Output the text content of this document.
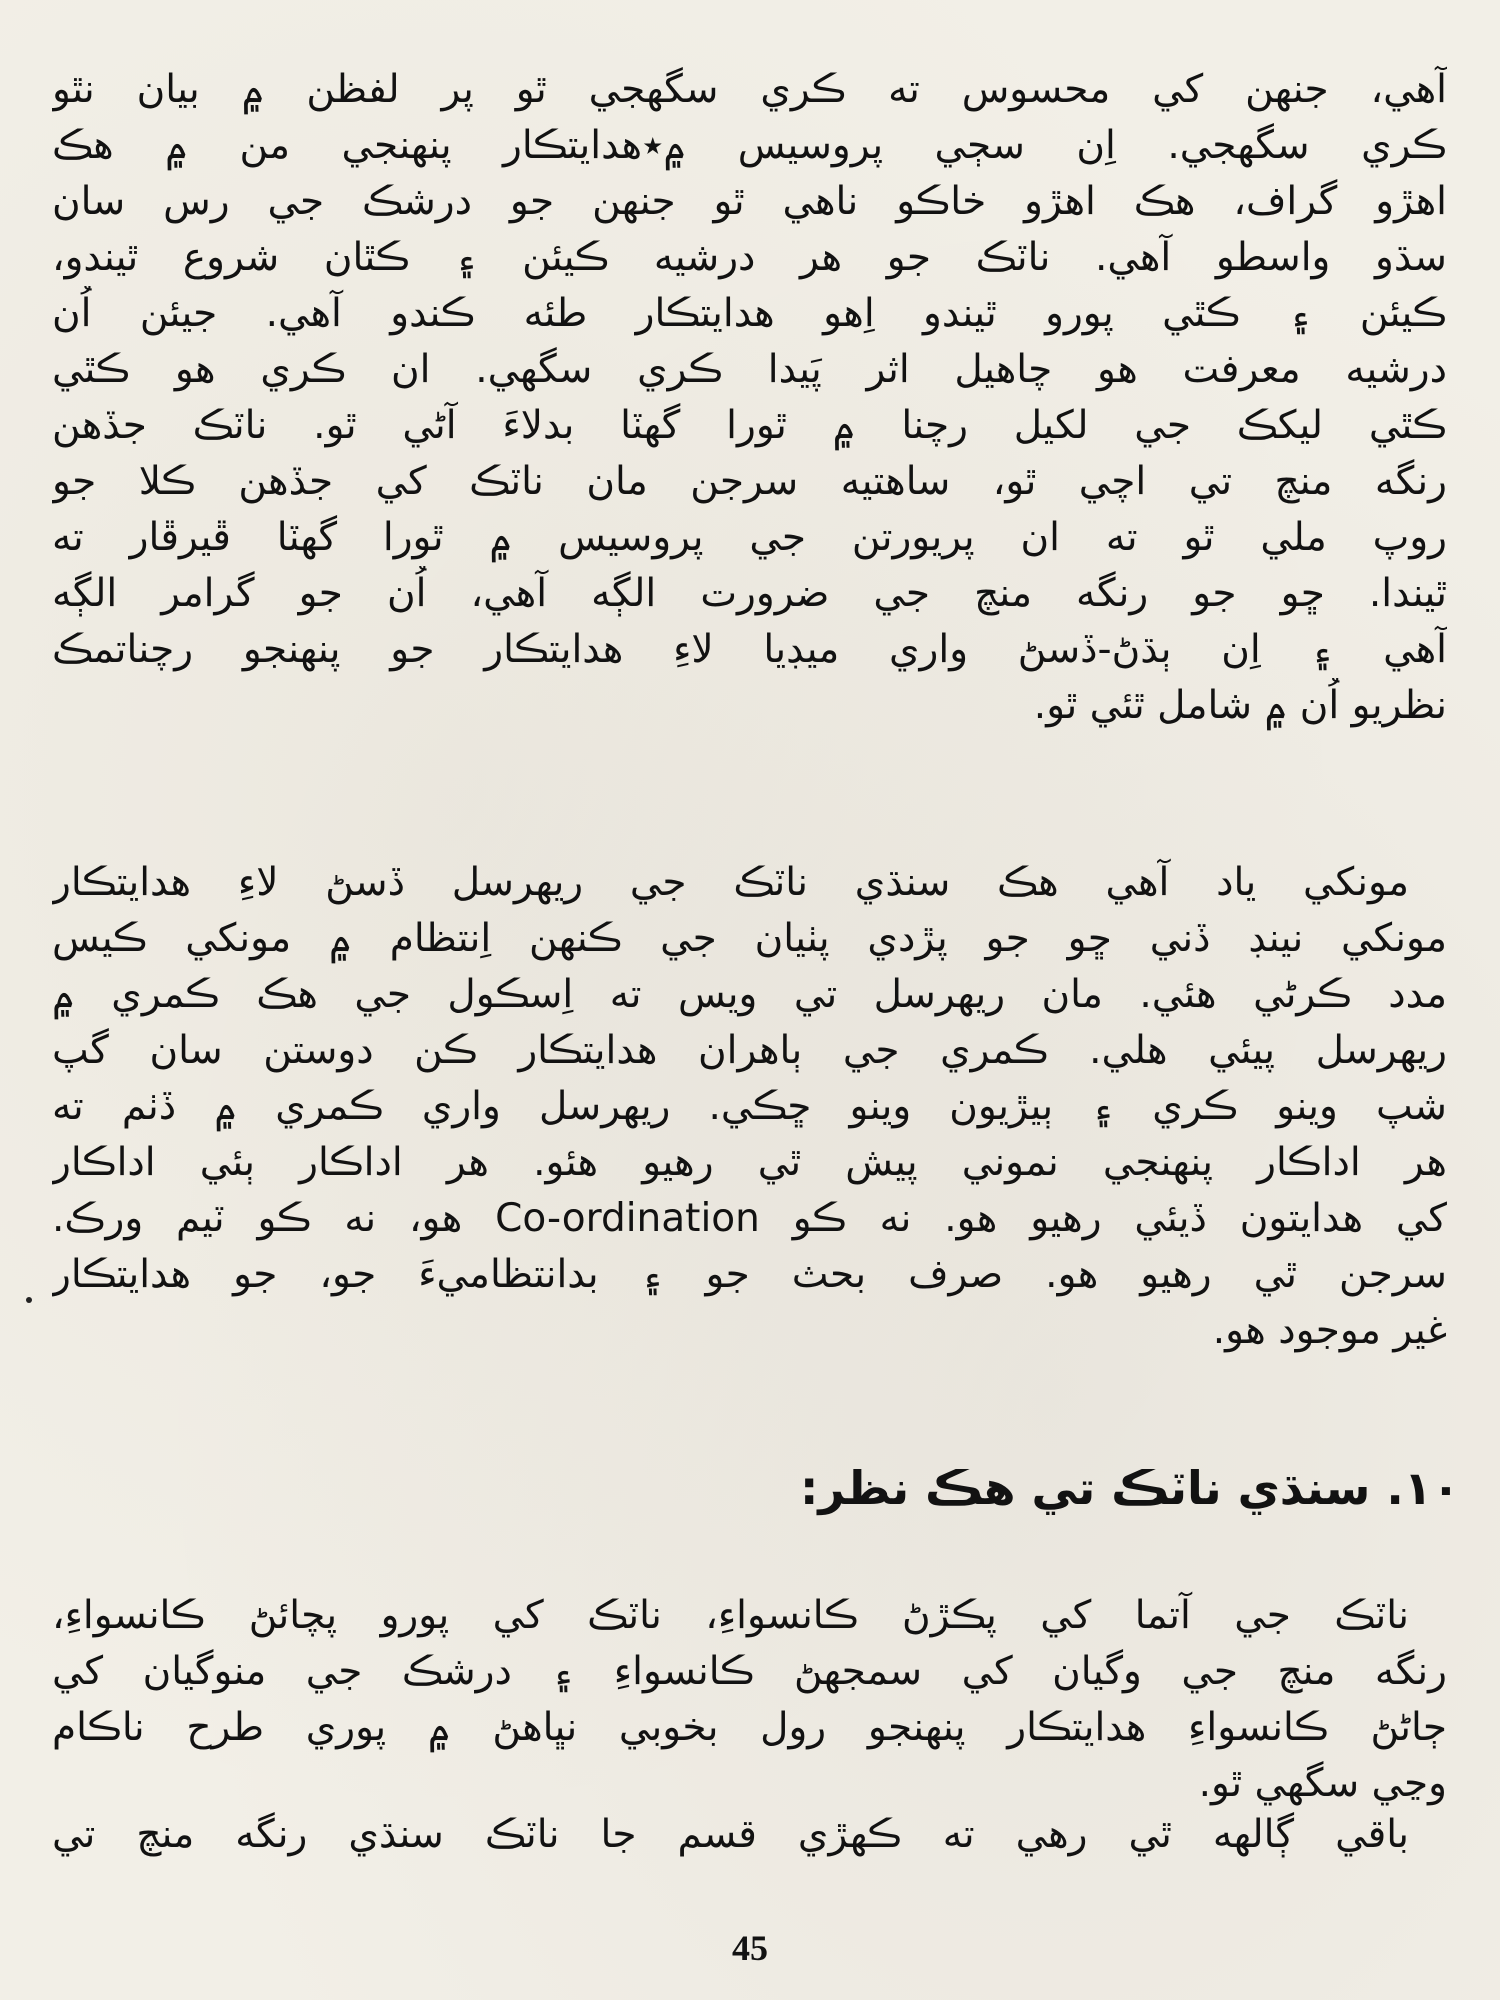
آهي، جنهن کي محسوس ته ڪري سگهجي ٿو پر لفظن ۾ بيان نٿو
ڪري سگهجي. اِن سڄي پروسيس ۾٭هدايتڪار پنهنجي من ۾ هڪ
اهڙو گراف، هڪ اهڙو خاڪو ناهي ٿو جنهن جو درشڪ جي رس سان
سڌو واسطو آهي. ناٽڪ جو هر درشيه ڪيئن ۽ ڪٿان شروع ٿيندو،
ڪيئن ۽ ڪٿي پورو ٿيندو اِهو هدايتڪار طئه ڪندو آهي. جيئن اُن
درشيه معرفت هو چاهيل اثر پَيدا ڪري سگهي. ان ڪري هو ڪٿي
ڪٿي ليکڪ جي لکيل رچنا ۾ ٿورا گهٽا بدلاءَ آڻي ٿو. ناٽڪ جڏهن
رنگه منچ تي اچي ٿو، ساهتيه سرجن مان ناٽڪ کي جڏهن ڪلا جو
روپ ملي ٿو ته ان پريورتن جي پروسيس ۾ ٿورا گهٽا ڦيرڦار ته
ٿيندا. ڇو جو رنگه منچ جي ضرورت الڳه آهي، اُن جو گرامر الڳه
آهي ۽ اِن ٻڌڻ-ڏسڻ واري ميڊيا لاءِ هدايتڪار جو پنهنجو رچناتمڪ
نظريو اُن ۾ شامل ٿئي ٿو.
مونکي ياد آهي هڪ سنڌي ناٽڪ جي ريهرسل ڏسڻ لاءِ هدايتڪار
مونکي نينڊ ڏني ڇو جو پڙدي پٺيان جي ڪنهن اِنتظام ۾ مونکي ڪيس
مدد ڪرڻي هئي. مان ريهرسل تي ويس ته اِسڪول جي هڪ ڪمري ۾
ريهرسل پيئي هلي. ڪمري جي ٻاهران هدايتڪار ڪن دوستن سان گپ
شپ وينو ڪري ۽ ٻيڙيون وينو ڇڪي. ريهرسل واري ڪمري ۾ ڏٺم ته
هر اداڪار پنهنجي نموني پيش ٿي رهيو هئو. هر اداڪار ٻئي اداڪار
کي هدايتون ڏيئي رهيو هو. نه ڪو Co-ordination هو، نه ڪو ٽيم ورڪ.
سرجن ٿي رهيو هو. صرف بحث جو ۽ بدانتظاميءَ جو، جو هدايتڪار
غير موجود هو.
۱۰. سنڌي ناٽڪ تي هڪ نظر:
ناٽڪ جي آتما کي پڪڙڻ ڪانسواءِ، ناٽڪ کي پورو پچائڻ ڪانسواءِ،
رنگه منچ جي وگيان کي سمجهڻ ڪانسواءِ ۽ درشڪ جي منوگيان کي
ڄاڻڻ ڪانسواءِ هدايتڪار پنهنجو رول بخوبي نڀاهڻ ۾ پوري طرح ناڪام
وڃي سگهي ٿو.
باقي ڳالهه ٿي رهي ته ڪهڙي قسم جا ناٽڪ سنڌي رنگه منچ تي
45
